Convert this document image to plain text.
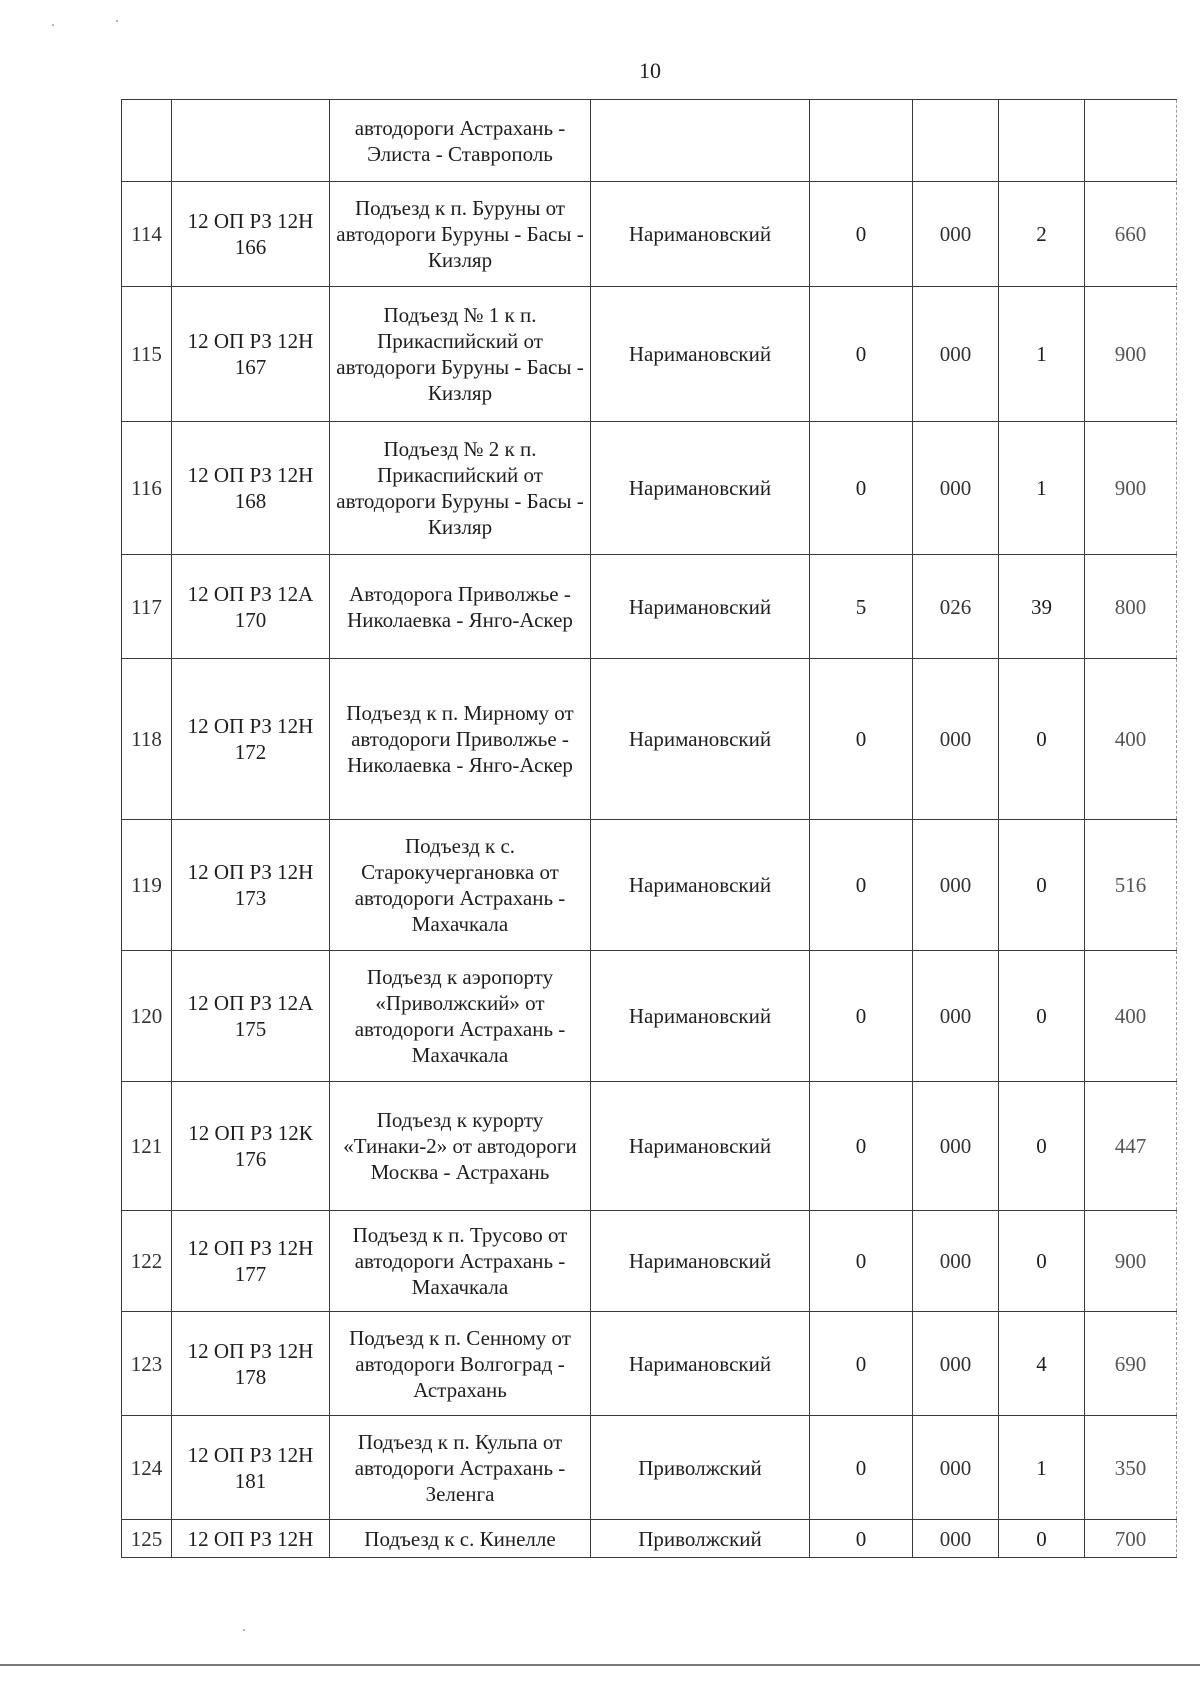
10
		автодороги Астрахань - Элиста - Ставрополь					
114	12 ОП РЗ 12Н 166	Подъезд к п. Буруны от автодороги Буруны - Басы - Кизляр	Наримановский	0	000	2	660
115	12 ОП РЗ 12Н 167	Подъезд № 1 к п. Прикаспийский от автодороги Буруны - Басы - Кизляр	Наримановский	0	000	1	900
116	12 ОП РЗ 12Н 168	Подъезд № 2 к п. Прикаспийский от автодороги Буруны - Басы - Кизляр	Наримановский	0	000	1	900
117	12 ОП РЗ 12А 170	Автодорога Приволжье - Николаевка - Янго-Аскер	Наримановский	5	026	39	800
118	12 ОП РЗ 12Н 172	Подъезд к п. Мирному от автодороги Приволжье - Николаевка - Янго-Аскер	Наримановский	0	000	0	400
119	12 ОП РЗ 12Н 173	Подъезд к с. Старокучергановка от автодороги Астрахань - Махачкала	Наримановский	0	000	0	516
120	12 ОП РЗ 12А 175	Подъезд к аэропорту «Приволжский» от автодороги Астрахань - Махачкала	Наримановский	0	000	0	400
121	12 ОП РЗ 12К 176	Подъезд к курорту «Тинаки-2» от автодороги Москва - Астрахань	Наримановский	0	000	0	447
122	12 ОП РЗ 12Н 177	Подъезд к п. Трусово от автодороги Астрахань - Махачкала	Наримановский	0	000	0	900
123	12 ОП РЗ 12Н 178	Подъезд к п. Сенному от автодороги Волгоград - Астрахань	Наримановский	0	000	4	690
124	12 ОП РЗ 12Н 181	Подъезд к п. Кульпа от автодороги Астрахань - Зеленга	Приволжский	0	000	1	350
125	12 ОП РЗ 12Н	Подъезд к с. Кинелле	Приволжский	0	000	0	700
